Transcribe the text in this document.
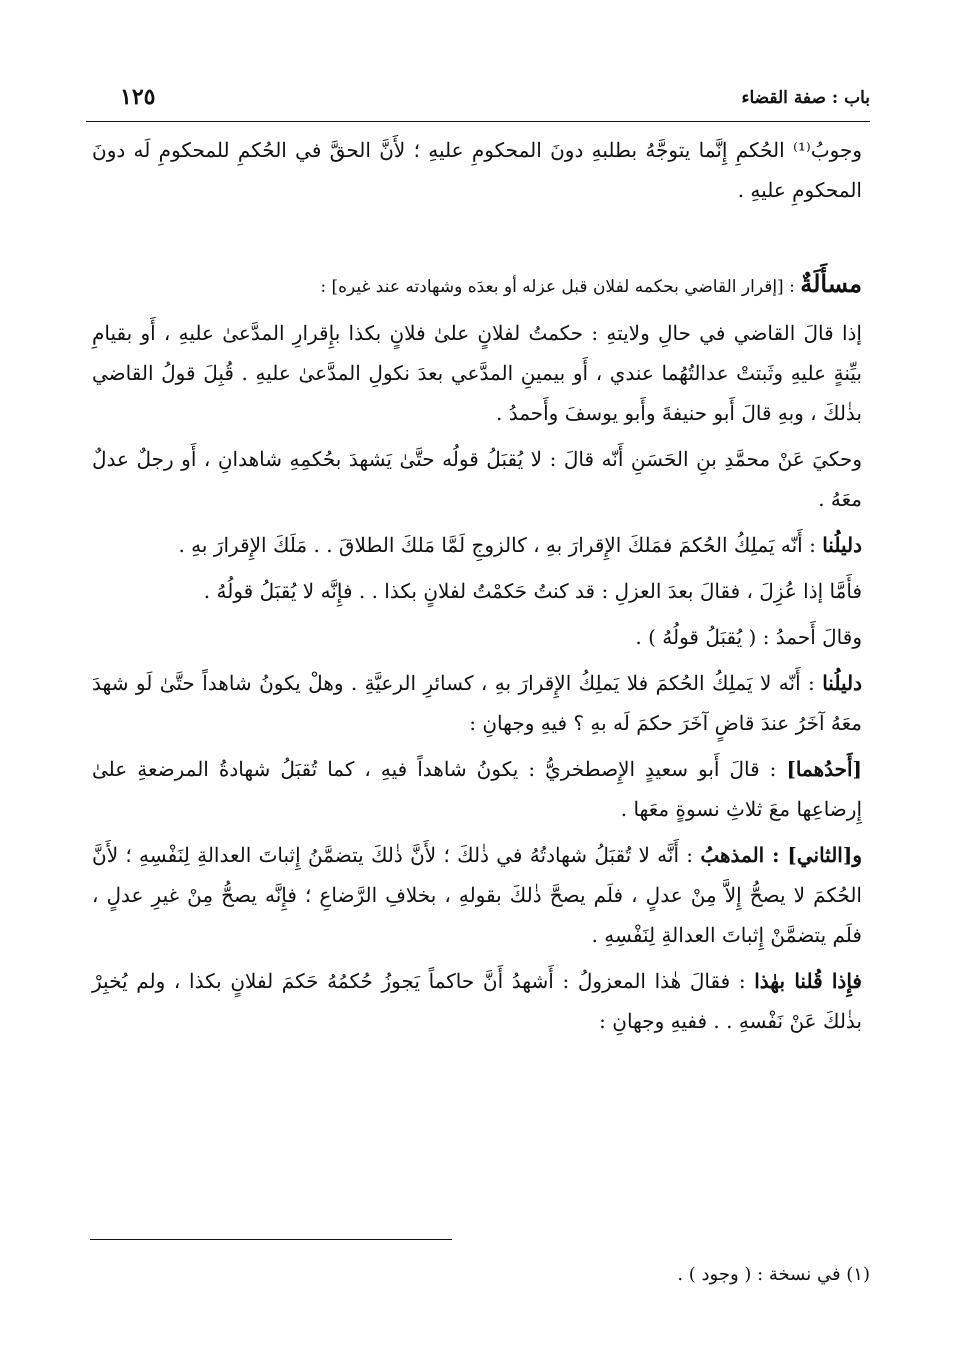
باب : صفة القضاء
١٢٥

وجوبُ⁽¹⁾ الحُكمِ إِنَّما يتوجَّهُ بطلبهِ دونَ المحكومِ عليهِ ؛ لأَنَّ الحقَّ في الحُكمِ للمحكومِ لَه دونَ المحكومِ عليهِ .

مسأَلَةٌ : [إقرار القاضي بحكمه لفلان قبل عزله أو بعدَه وشهادته عند غيره] :

إذا قالَ القاضي في حالِ ولايتهِ : حكمتُ لفلانٍ علىٰ فلانٍ بكذا بإِقرارِ المدَّعىٰ عليهِ ، أَو بقيامِ بيِّنةٍ عليهِ وثَبتتْ عدالتُهُما عندي ، أَو بيمينِ المدَّعي بعدَ نكولِ المدَّعىٰ عليهِ . قُبِلَ قولُ القاضي بذٰلكَ ، وبهِ قالَ أَبو حنيفةَ وأَبو يوسفَ وأَحمدُ .

وحكيَ عَنْ محمَّدِ بنِ الحَسَنِ أَنّه قالَ : لا يُقبَلُ قولُه حتَّىٰ يَشهدَ بحُكمِهِ شاهدانِ ، أَو رجلٌ عدلٌ معَهُ .

دليلُنا : أَنّه يَملِكُ الحُكمَ فمَلكَ الإِقرارَ بهِ ، كالزوجِ لَمَّا مَلكَ الطلاقَ . . مَلَكَ الإِقرارَ بهِ .

فأَمَّا إذا عُزِلَ ، فقالَ بعدَ العزلِ : قد كنتُ حَكمْتُ لفلانٍ بكذا . . فإِنَّه لا يُقبَلُ قولُهُ .

وقالَ أَحمدُ : ( يُقبَلُ قولُهُ ) .

دليلُنا : أَنّه لا يَملِكُ الحُكمَ فلا يَملِكُ الإِقرارَ بهِ ، كسائرِ الرعيَّةِ . وهلْ يكونُ شاهداً حتَّىٰ لَو شهدَ معَهُ آخَرُ عندَ قاضٍ آخَرَ حكمَ لَه بهِ ؟ فيهِ وجهانِ :

[أَحدُهما] : قالَ أَبو سعيدٍ الإِصطخريُّ : يكونُ شاهداً فيهِ ، كما تُقبَلُ شهادةُ المرضعةِ علىٰ إِرضاعِها معَ ثلاثِ نسوةٍ معَها .

و[الثاني] : المذهبُ : أَنَّه لا تُقبَلُ شهادتُهُ في ذٰلكَ ؛ لأَنَّ ذٰلكَ يتضمَّنُ إِثباتَ العدالةِ لِنَفْسِهِ ؛ لأَنَّ الحُكمَ لا يصحُّ إِلاَّ مِنْ عدلٍ ، فلَم يصحَّ ذٰلكَ بقولهِ ، بخلافِ الرَّضاعِ ؛ فإِنَّه يصحُّ مِنْ غيرِ عدلٍ ، فلَم يتضمَّنْ إِثباتَ العدالةِ لِنَفْسِهِ .

فإِذا قُلنا بهٰذا : فقالَ هٰذا المعزولُ : أَشهدُ أَنَّ حاكماً يَجوزُ حُكمُهُ حَكمَ لفلانٍ بكذا ، ولم يُخبِرْ بذٰلكَ عَنْ نَفْسهِ . . ففيهِ وجهانِ :

(١) في نسخة : ( وجود ) .
